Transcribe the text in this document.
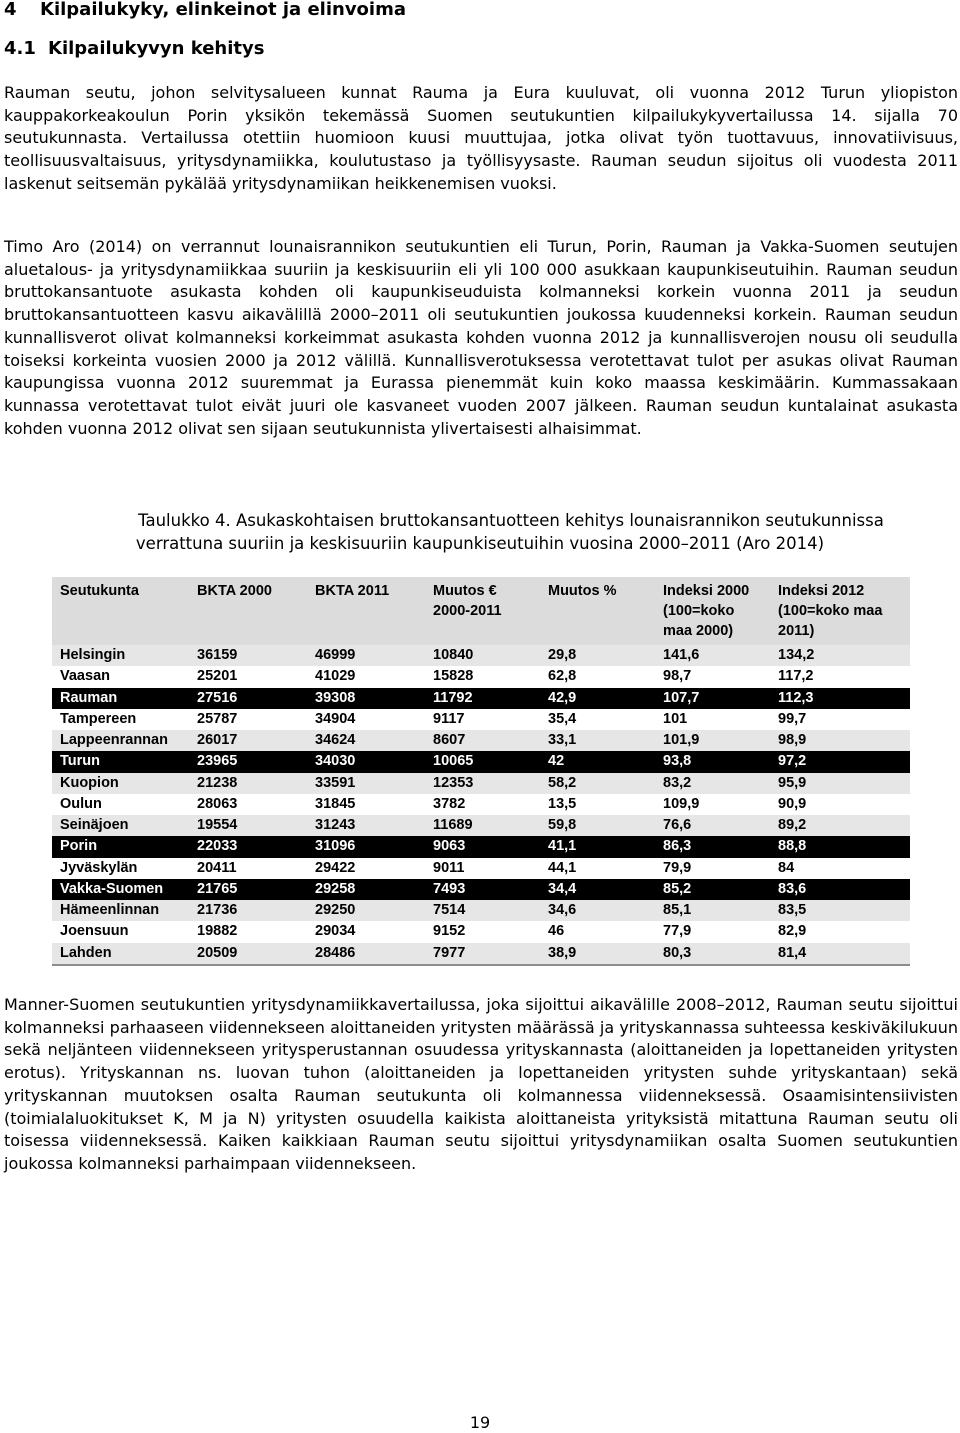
4 Kilpailukyky, elinkeinot ja elinvoima
4.1 Kilpailukyvyn kehitys
Rauman seutu, johon selvitysalueen kunnat Rauma ja Eura kuuluvat, oli vuonna 2012 Turun yliopiston kauppakorkeakoulun Porin yksikön tekemässä Suomen seutukuntien kilpailukykyvertailussa 14. sijalla 70 seutukunnasta. Vertailussa otettiin huomioon kuusi muuttujaa, jotka olivat työn tuottavuus, innovatiivisuus, teollisuusvaltaisuus, yritysdynamiikka, koulutustaso ja työllisyysaste. Rauman seudun sijoitus oli vuodesta 2011 laskenut seitsemän pykälää yritysdynamiikan heikkenemisen vuoksi.
Timo Aro (2014) on verrannut lounaisrannikon seutukuntien eli Turun, Porin, Rauman ja Vakka-Suomen seutujen aluetalous- ja yritysdynamiikkaa suuriin ja keskisuuriin eli yli 100 000 asukkaan kaupunkiseutuihin. Rauman seudun bruttokansantuote asukasta kohden oli kaupunkiseuduista kolmanneksi korkein vuonna 2011 ja seudun bruttokansantuotteen kasvu aikavälillä 2000–2011 oli seutukuntien joukossa kuudenneksi korkein. Rauman seudun kunnallisverot olivat kolmanneksi korkeimmat asukasta kohden vuonna 2012 ja kunnallisverojen nousu oli seudulla toiseksi korkeinta vuosien 2000 ja 2012 välillä. Kunnallisverotuksessa verotettavat tulot per asukas olivat Rauman kaupungissa vuonna 2012 suuremmat ja Eurassa pienemmät kuin koko maassa keskimäärin. Kummassakaan kunnassa verotettavat tulot eivät juuri ole kasvaneet vuoden 2007 jälkeen. Rauman seudun kuntalainat asukasta kohden vuonna 2012 olivat sen sijaan seutukunnista ylivertaisesti alhaisimmat.
Taulukko 4. Asukaskohtaisen bruttokansantuotteen kehitys lounaisrannikon seutukunnissa
verrattuna suuriin ja keskisuuriin kaupunkiseutuihin vuosina 2000–2011 (Aro 2014)
Seutukunta	BKTA 2000	BKTA 2011	Muutos € 2000-2011	Muutos %	Indeksi 2000 (100=koko maa 2000)	Indeksi 2012 (100=koko maa 2011)
Helsingin	36159	46999	10840	29,8	141,6	134,2
Vaasan	25201	41029	15828	62,8	98,7	117,2
Rauman	27516	39308	11792	42,9	107,7	112,3
Tampereen	25787	34904	9117	35,4	101	99,7
Lappeenrannan	26017	34624	8607	33,1	101,9	98,9
Turun	23965	34030	10065	42	93,8	97,2
Kuopion	21238	33591	12353	58,2	83,2	95,9
Oulun	28063	31845	3782	13,5	109,9	90,9
Seinäjoen	19554	31243	11689	59,8	76,6	89,2
Porin	22033	31096	9063	41,1	86,3	88,8
Jyväskylän	20411	29422	9011	44,1	79,9	84
Vakka-Suomen	21765	29258	7493	34,4	85,2	83,6
Hämeenlinnan	21736	29250	7514	34,6	85,1	83,5
Joensuun	19882	29034	9152	46	77,9	82,9
Lahden	20509	28486	7977	38,9	80,3	81,4
Manner-Suomen seutukuntien yritysdynamiikkavertailussa, joka sijoittui aikavälille 2008–2012, Rauman seutu sijoittui kolmanneksi parhaaseen viidennekseen aloittaneiden yritysten määrässä ja yrityskannassa suhteessa keskiväkilukuun sekä neljänteen viidennekseen yritysperustannan osuudessa yrityskannasta (aloittaneiden ja lopettaneiden yritysten erotus). Yrityskannan ns. luovan tuhon (aloittaneiden ja lopettaneiden yritysten suhde yrityskantaan) sekä yrityskannan muutoksen osalta Rauman seutukunta oli kolmannessa viidenneksessä. Osaamisintensiivisten (toimialaluokitukset K, M ja N) yritysten osuudella kaikista aloittaneista yrityksistä mitattuna Rauman seutu oli toisessa viidenneksessä. Kaiken kaikkiaan Rauman seutu sijoittui yritysdynamiikan osalta Suomen seutukuntien joukossa kolmanneksi parhaimpaan viidennekseen.
19
